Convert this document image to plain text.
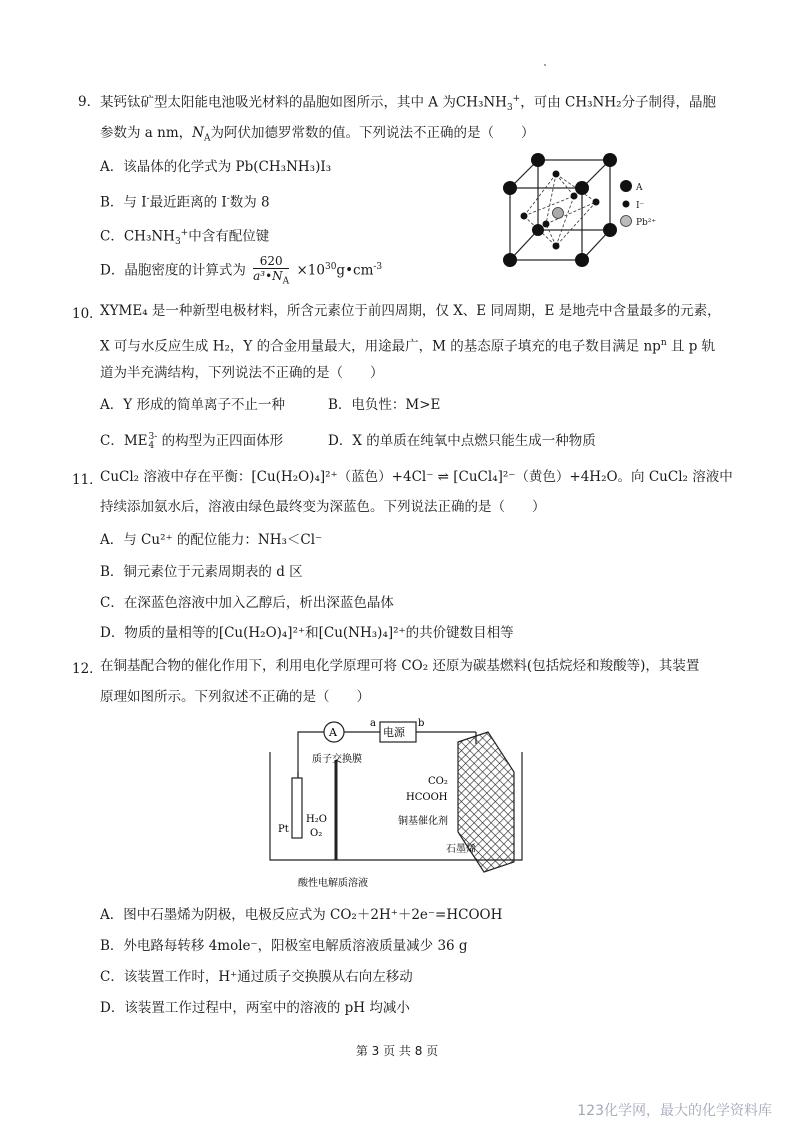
9． 某钙钛矿型太阳能电池吸光材料的晶胞如图所示，其中 A 为$CH_3NH_3^+$，可由 CH₃NH₂分子制得，晶胞
参数为 a nm，$N_A$为阿伏加德罗常数的值。下列说法不正确的是（　　）
A．该晶体的化学式为 Pb(CH₃NH₃)I₃
B．与 I-最近距离的 I-数为 8
C．$CH_3NH_3^+$中含有配位键
D．晶胞密度的计算式为 $\frac{620}{a^3•N_A}$ $\times 10^{30}g•cm^{-3}$
A
I⁻
Pb²⁺
10．
XYME₄ 是一种新型电极材料，所含元素位于前四周期，仅 X、E 同周期，E 是地壳中含量最多的元素，
X 可与水反应生成 H₂，Y 的合金用量最大，用途最广，M 的基态原子填充的电子数目满足 $np^n$ 且 p 轨
道为半充满结构，下列说法不正确的是（　　）
A．Y 形成的简单离子不止一种	B．电负性：M>E
C．ME 3-
4 的构型为正四面体形	D．X 的单质在纯氧中点燃只能生成一种物质
11．
CuCl₂ 溶液中存在平衡：[Cu(H₂O)₄]²⁺（蓝色）+4Cl⁻ ⇌ [CuCl₄]²⁻（黄色）+4H₂O。向 CuCl₂ 溶液中
持续添加氨水后，溶液由绿色最终变为深蓝色。下列说法正确的是（　　）
A．与 Cu²⁺ 的配位能力：NH₃＜Cl⁻
B．铜元素位于元素周期表的 d 区
C．在深蓝色溶液中加入乙醇后，析出深蓝色晶体
D．物质的量相等的[Cu(H₂O)₄]²⁺和[Cu(NH₃)₄]²⁺的共价键数目相等
12．
在铜基配合物的催化作用下，利用电化学原理可将 CO₂ 还原为碳基燃料(包括烷烃和羧酸等)，其装置
原理如图所示。下列叙述不正确的是（　　）
A	电源
a	b
Pt
H₂O
O₂
质子交换膜
CO₂
HCOOH
铜基催化剂
石墨烯
酸性电解质溶液
A．图中石墨烯为阴极，电极反应式为 CO₂＋2H⁺＋2e⁻=HCOOH
B．外电路每转移 4mole⁻，阳极室电解质溶液质量减少 36 g
C．该装置工作时，H⁺通过质子交换膜从右向左移动
D．该装置工作过程中，两室中的溶液的 pH 均减小
第 3 页 共 8 页
123化学网，最大的化学资料库
